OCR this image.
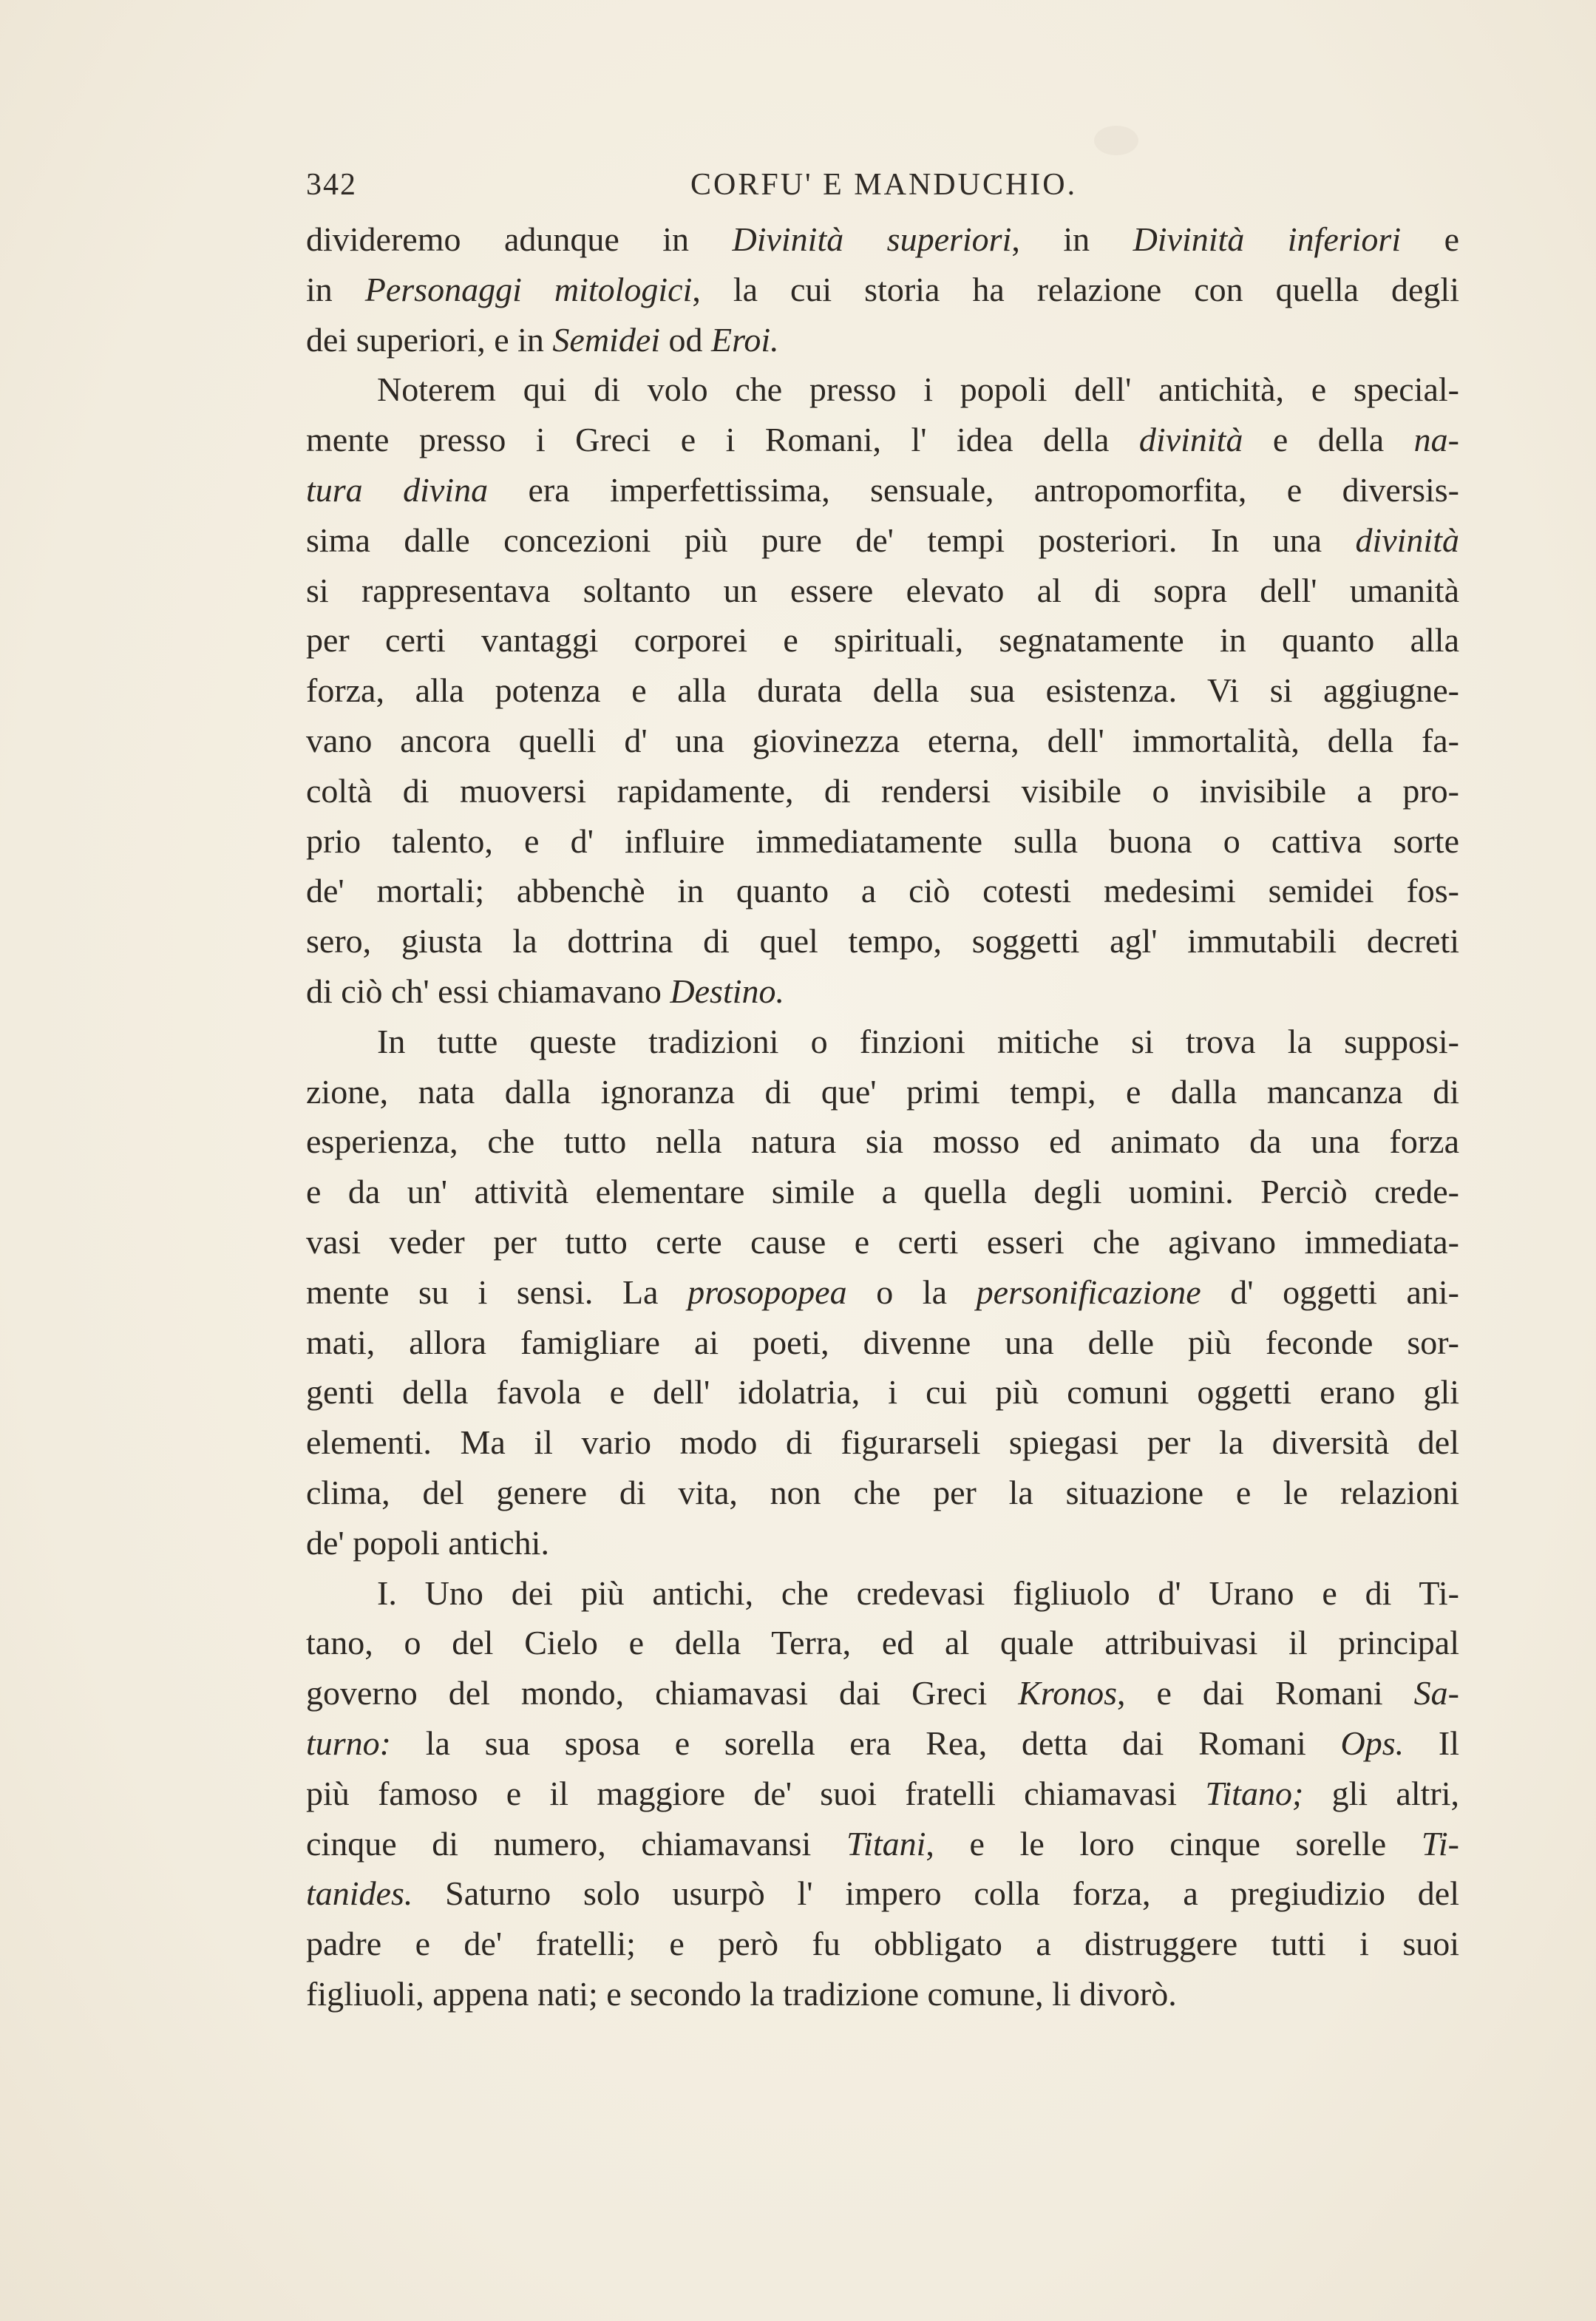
342	CORFU' E MANDUCHIO.
divideremo adunque in Divinità superiori, in Divinità inferiori e
in Personaggi mitologici, la cui storia ha relazione con quella degli
dei superiori, e in Semidei od Eroi.
Noterem qui di volo che presso i popoli dell' antichità, e special-
mente presso i Greci e i Romani, l' idea della divinità e della na-
tura divina era imperfettissima, sensuale, antropomorfita, e diversis-
sima dalle concezioni più pure de' tempi posteriori. In una divinità
si rappresentava soltanto un essere elevato al di sopra dell' umanità
per certi vantaggi corporei e spirituali, segnatamente in quanto alla
forza, alla potenza e alla durata della sua esistenza. Vi si aggiugne-
vano ancora quelli d' una giovinezza eterna, dell' immortalità, della fa-
coltà di muoversi rapidamente, di rendersi visibile o invisibile a pro-
prio talento, e d' influire immediatamente sulla buona o cattiva sorte
de' mortali; abbenchè in quanto a ciò cotesti medesimi semidei fos-
sero, giusta la dottrina di quel tempo, soggetti agl' immutabili decreti
di ciò ch' essi chiamavano Destino.
In tutte queste tradizioni o finzioni mitiche si trova la supposi-
zione, nata dalla ignoranza di que' primi tempi, e dalla mancanza di
esperienza, che tutto nella natura sia mosso ed animato da una forza
e da un' attività elementare simile a quella degli uomini. Perciò crede-
vasi veder per tutto certe cause e certi esseri che agivano immediata-
mente su i sensi. La prosopopea o la personificazione d' oggetti ani-
mati, allora famigliare ai poeti, divenne una delle più feconde sor-
genti della favola e dell' idolatria, i cui più comuni oggetti erano gli
elementi. Ma il vario modo di figurarseli spiegasi per la diversità del
clima, del genere di vita, non che per la situazione e le relazioni
de' popoli antichi.
I. Uno dei più antichi, che credevasi figliuolo d' Urano e di Ti-
tano, o del Cielo e della Terra, ed al quale attribuivasi il principal
governo del mondo, chiamavasi dai Greci Kronos, e dai Romani Sa-
turno: la sua sposa e sorella era Rea, detta dai Romani Ops. Il
più famoso e il maggiore de' suoi fratelli chiamavasi Titano; gli altri,
cinque di numero, chiamavansi Titani, e le loro cinque sorelle Ti-
tanides. Saturno solo usurpò l' impero colla forza, a pregiudizio del
padre e de' fratelli; e però fu obbligato a distruggere tutti i suoi
figliuoli, appena nati; e secondo la tradizione comune, li divorò.
